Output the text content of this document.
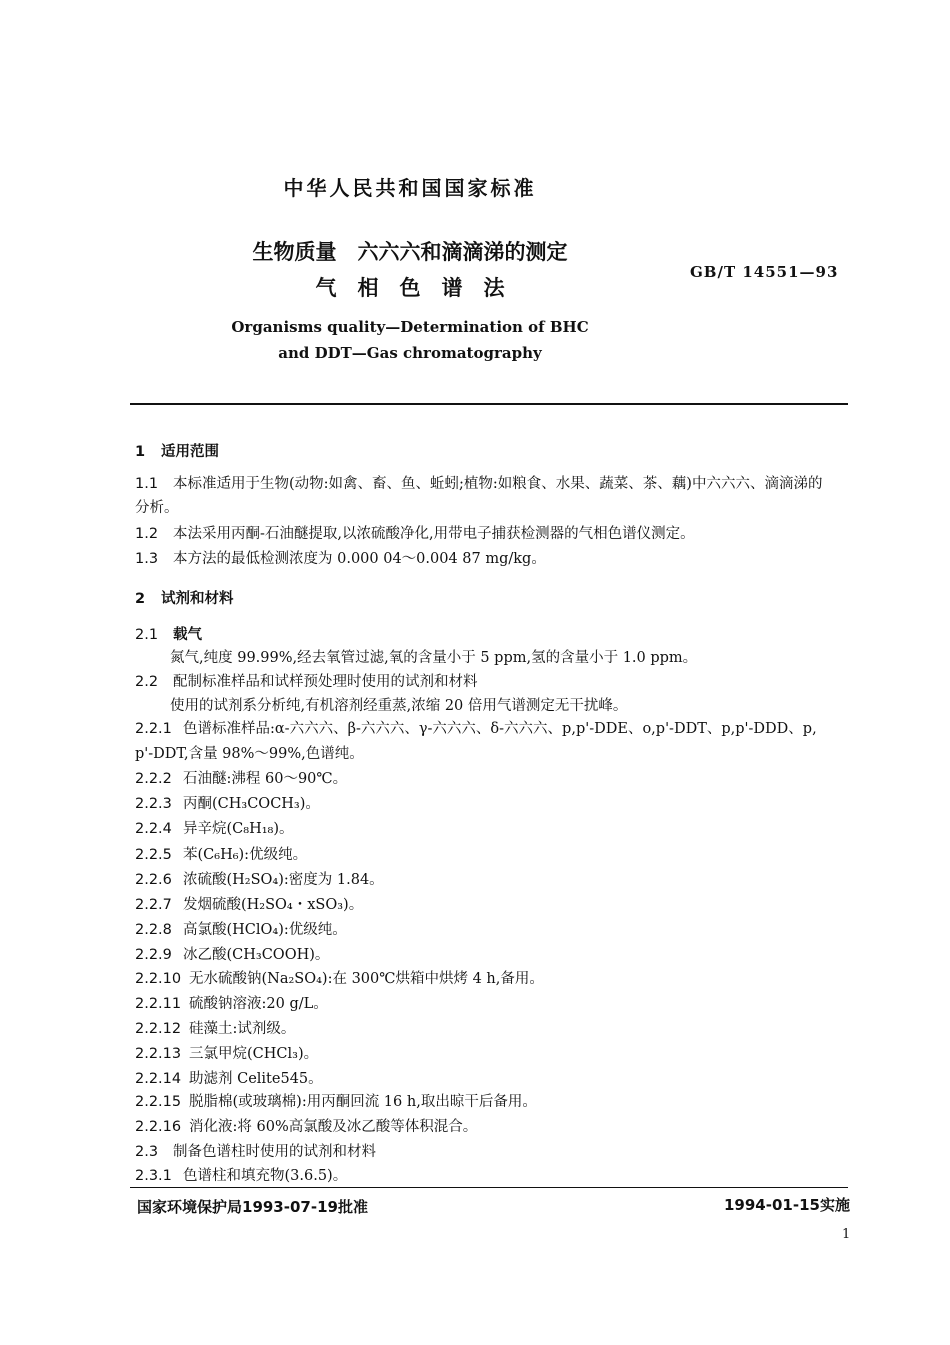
中华人民共和国国家标准
生物质量　六六六和滴滴涕的测定
气　相　色　谱　法
GB/T 14551—93
Organisms quality—Determination of BHC
and DDT—Gas chromatography
1 适用范围
1.1 本标准适用于生物(动物:如禽、畜、鱼、蚯蚓;植物:如粮食、水果、蔬菜、茶、藕)中六六六、滴滴涕的
分析。
1.2 本法采用丙酮-石油醚提取,以浓硫酸净化,用带电子捕获检测器的气相色谱仪测定。
1.3 本方法的最低检测浓度为 0.000 04～0.004 87 mg/kg。
2 试剂和材料
2.1 载气
氮气,纯度 99.99%,经去氧管过滤,氧的含量小于 5 ppm,氢的含量小于 1.0 ppm。
2.2 配制标准样品和试样预处理时使用的试剂和材料
使用的试剂系分析纯,有机溶剂经重蒸,浓缩 20 倍用气谱测定无干扰峰。
2.2.1 色谱标准样品:α-六六六、β-六六六、γ-六六六、δ-六六六、p,p'-DDE、o,p'-DDT、p,p'-DDD、p,
p'-DDT,含量 98%～99%,色谱纯。
2.2.2 石油醚:沸程 60～90℃。
2.2.3 丙酮(CH₃COCH₃)。
2.2.4 异辛烷(C₈H₁₈)。
2.2.5 苯(C₆H₆):优级纯。
2.2.6 浓硫酸(H₂SO₄):密度为 1.84。
2.2.7 发烟硫酸(H₂SO₄・xSO₃)。
2.2.8 高氯酸(HClO₄):优级纯。
2.2.9 冰乙酸(CH₃COOH)。
2.2.10 无水硫酸钠(Na₂SO₄):在 300℃烘箱中烘烤 4 h,备用。
2.2.11 硫酸钠溶液:20 g/L。
2.2.12 硅藻土:试剂级。
2.2.13 三氯甲烷(CHCl₃)。
2.2.14 助滤剂 Celite545。
2.2.15 脱脂棉(或玻璃棉):用丙酮回流 16 h,取出晾干后备用。
2.2.16 消化液:将 60%高氯酸及冰乙酸等体积混合。
2.3 制备色谱柱时使用的试剂和材料
2.3.1 色谱柱和填充物(3.6.5)。
国家环境保护局1993-07-19批准	1994-01-15实施
1
